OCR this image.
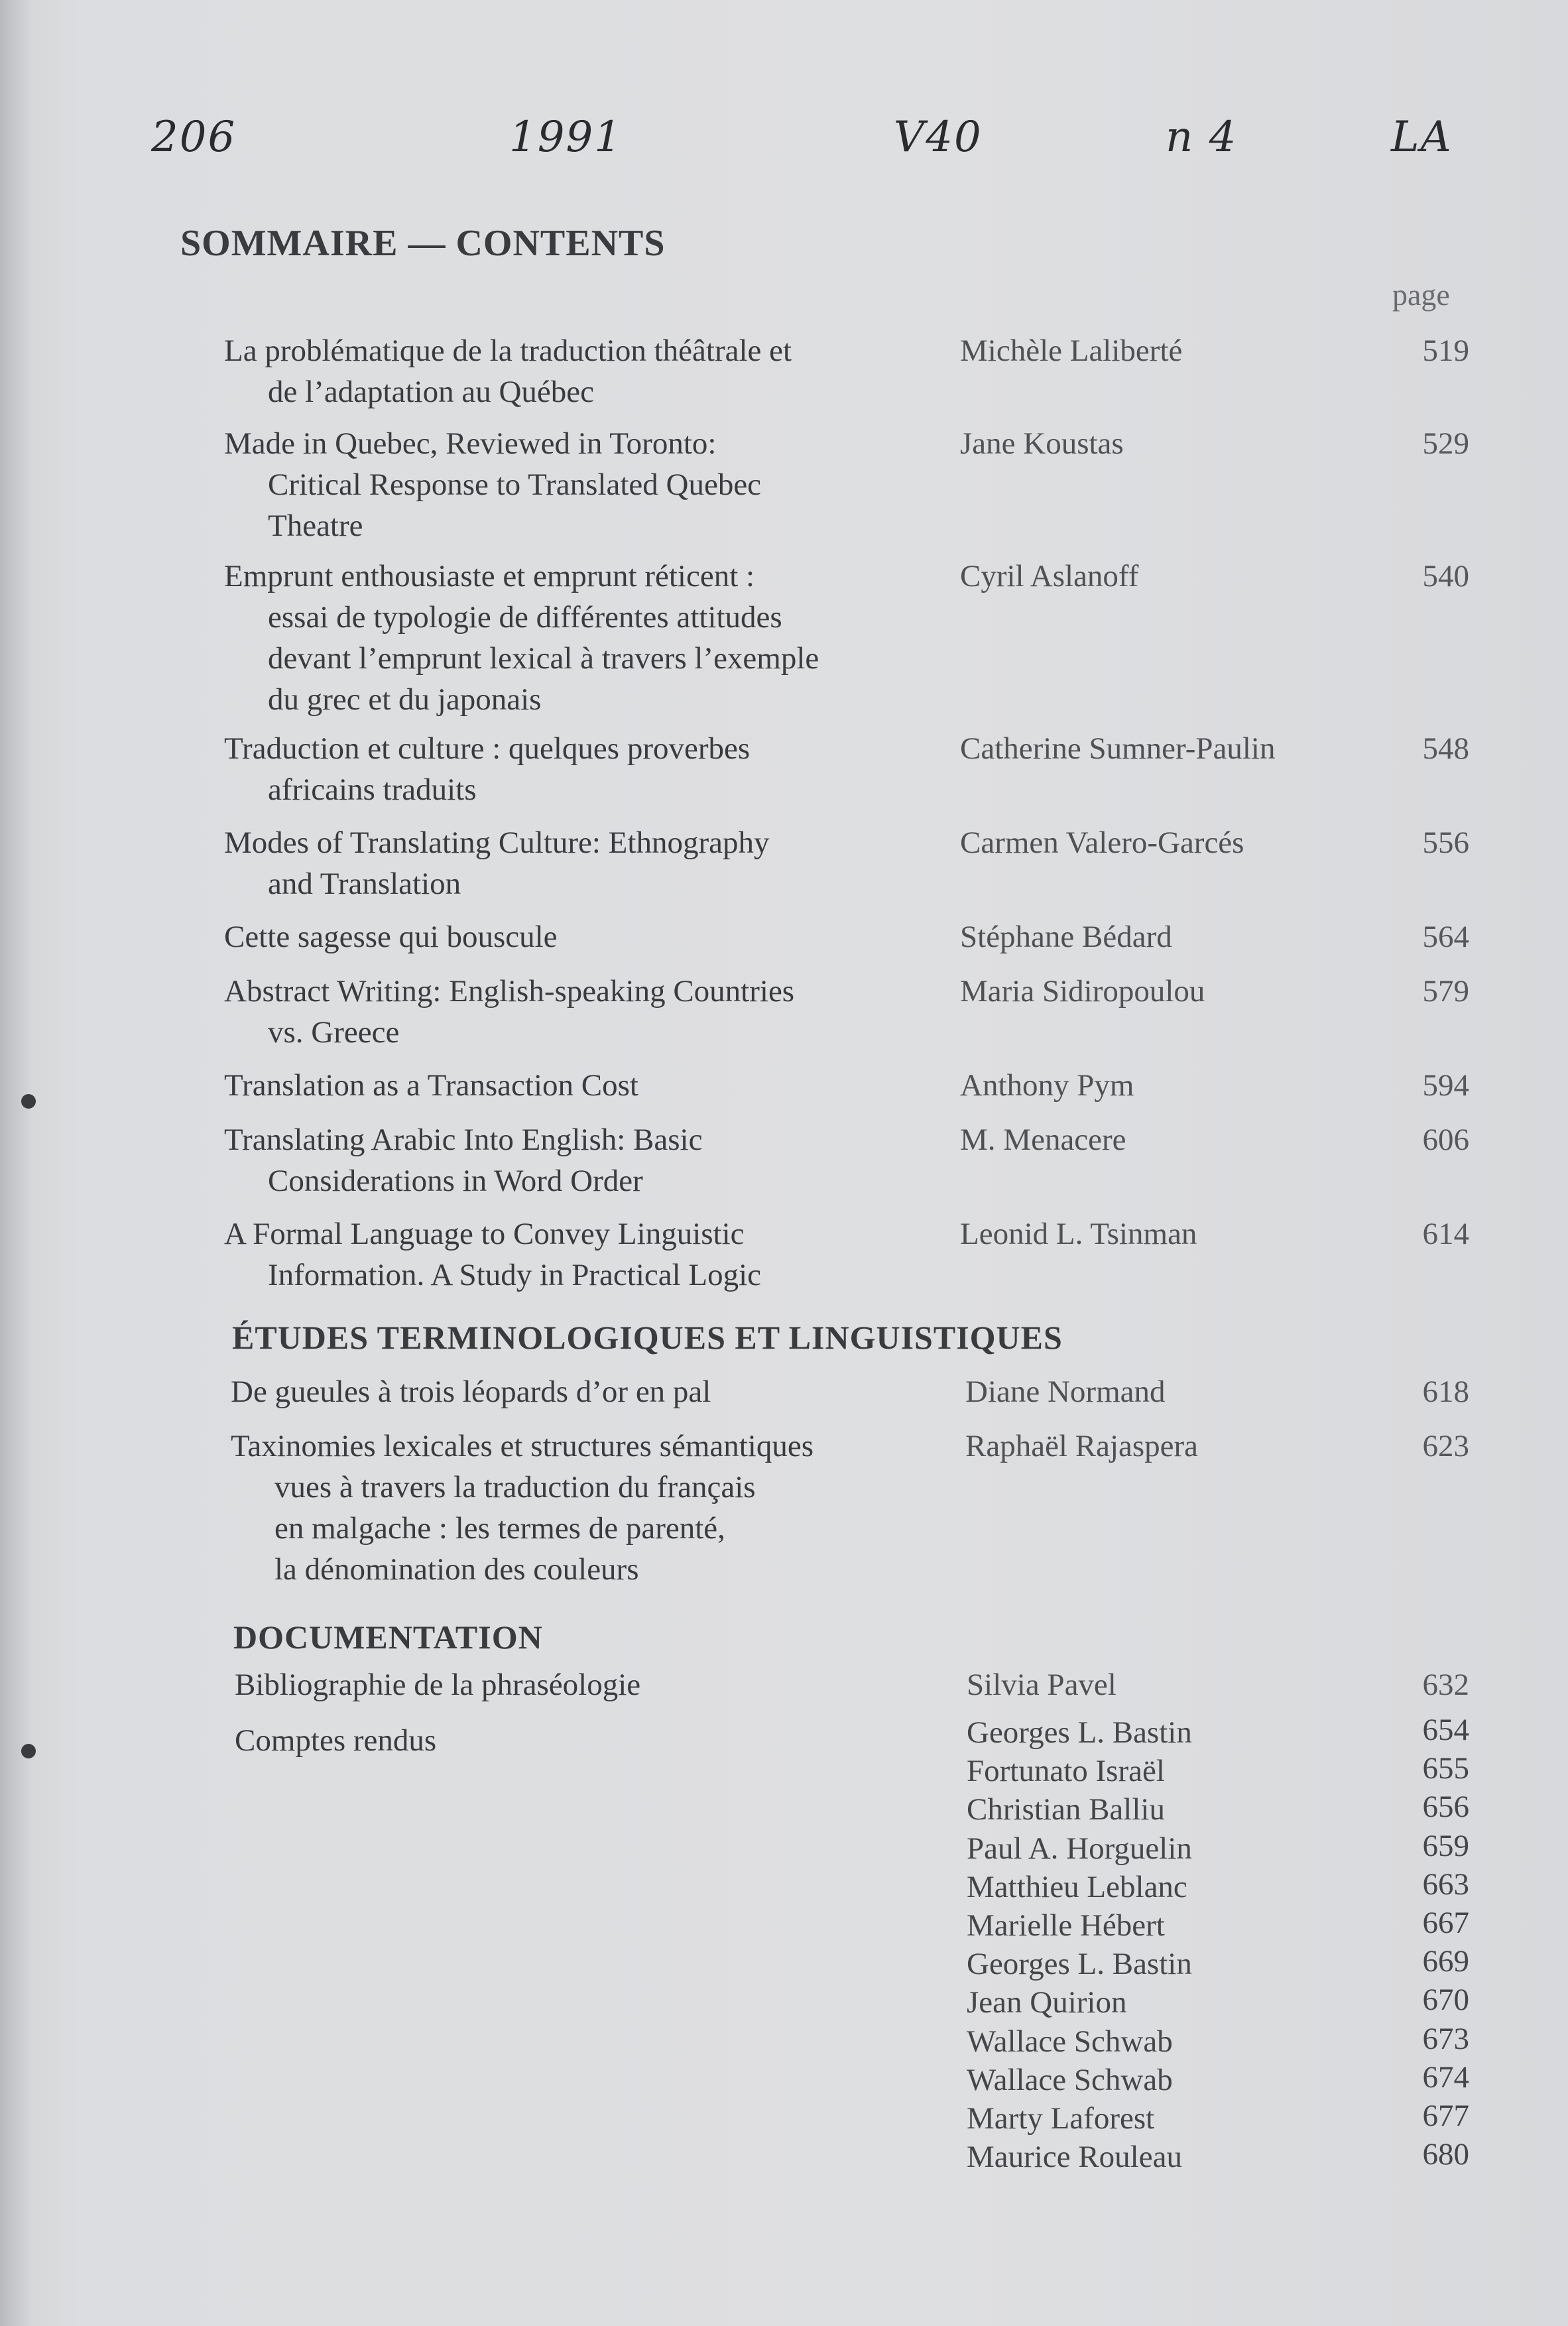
206	1991	V40	n 4	LA
SOMMAIRE — CONTENTS
page
La problématique de la traduction théâtrale et
de l’adaptation au Québec
Michèle Laliberté	519
Made in Quebec, Reviewed in Toronto:
Critical Response to Translated Quebec
Theatre
Jane Koustas	529
Emprunt enthousiaste et emprunt réticent :
essai de typologie de différentes attitudes
devant l’emprunt lexical à travers l’exemple
du grec et du japonais
Cyril Aslanoff	540
Traduction et culture : quelques proverbes
africains traduits
Catherine Sumner-Paulin	548
Modes of Translating Culture: Ethnography
and Translation
Carmen Valero-Garcés	556
Cette sagesse qui bouscule	Stéphane Bédard	564
Abstract Writing: English-speaking Countries
vs. Greece
Maria Sidiropoulou	579
Translation as a Transaction Cost	Anthony Pym	594
Translating Arabic Into English: Basic
Considerations in Word Order
M. Menacere	606
A Formal Language to Convey Linguistic
Information. A Study in Practical Logic
Leonid L. Tsinman	614
ÉTUDES TERMINOLOGIQUES ET LINGUISTIQUES
De gueules à trois léopards d’or en pal	Diane Normand	618
Taxinomies lexicales et structures sémantiques
vues à travers la traduction du français
en malgache : les termes de parenté,
la dénomination des couleurs
Raphaël Rajaspera	623
DOCUMENTATION
Bibliographie de la phraséologie	Silvia Pavel	632
Comptes rendus	Georges L. Bastin	654
Fortunato Israël	655
Christian Balliu	656
Paul A. Horguelin	659
Matthieu Leblanc	663
Marielle Hébert	667
Georges L. Bastin	669
Jean Quirion	670
Wallace Schwab	673
Wallace Schwab	674
Marty Laforest	677
Maurice Rouleau	680
